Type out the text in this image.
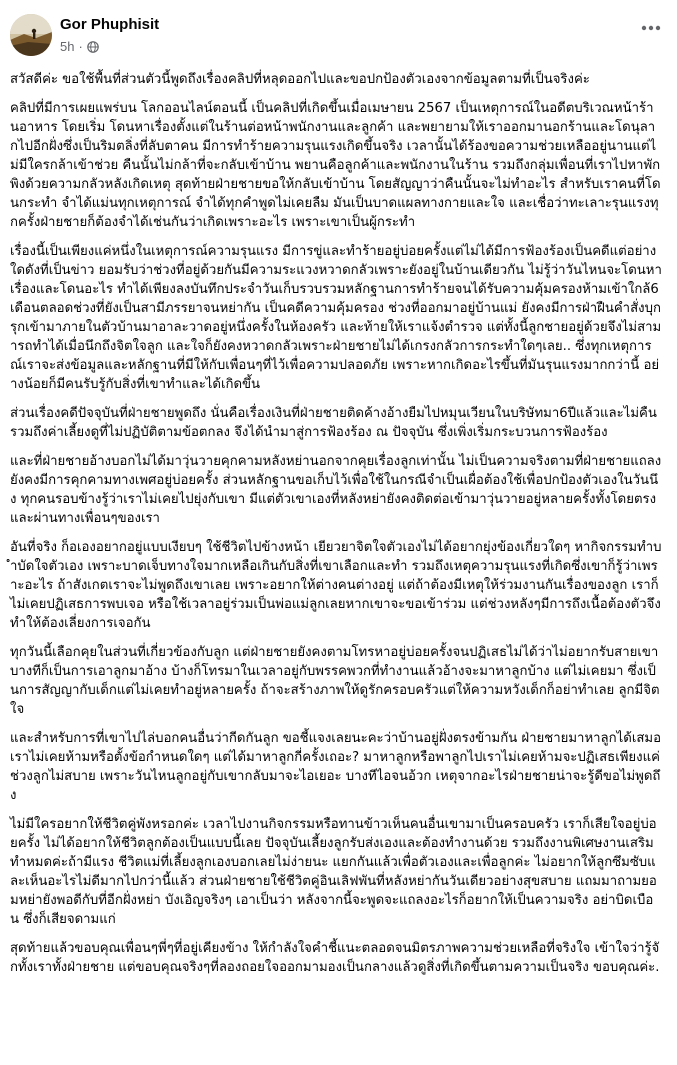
Gor Phuphisit
5h ·

สวัสดีค่ะ ขอใช้พื้นที่ส่วนตัวนี้พูดถึงเรื่องคลิปที่หลุดออกไปและขอปกป้องตัวเองจากข้อมูลตามที่เป็นจริงค่ะ

คลิปที่มีการเผยแพร่บน โลกออนไลน์ตอนนี้ เป็นคลิปที่เกิดขึ้นเมื่อเมษายน 2567 เป็นเหตุการณ์ในอดีตบริเวณหน้าร้านอาหาร โดยเริ่ม โดนหาเรื่องตั้งแต่ในร้านต่อหน้าพนักงานและลูกค้า และพยายามให้เราออกมานอกร้านและโดนุลากไปอีกฝั่งซึ่งเป็นริมตลิ่งที่ลับตาคน มีการทำร้ายความรุนแรงเกิดขึ้นจริง เวลานั้นได้ร้องขอความช่วยเหลืออยู่นานแต่ไม่มีใครกล้าเข้าช่วย คืนนั้นไม่กล้าที่จะกลับเข้าบ้าน พยานคือลูกค้าและพนักงานในร้าน รวมถึงกลุ่มเพื่อนที่เราไปหาพักพิงด้วยความกลัวหลังเกิดเหตุ สุดท้ายฝ่ายชายขอให้กลับเข้าบ้าน โดยสัญญาว่าคืนนั้นจะไม่ทำอะไร สำหรับเราคนที่โดนกระทำ จำได้แม่นทุกเหตุการณ์ จำได้ทุกคำพูดไม่เคยลืม มันเป็นบาดแผลทางกายและใจ และเชื่อว่าทะเลาะรุนแรงทุกครั้งฝ่ายชายก็ต้องจำได้เช่นกันว่าเกิดเพราะอะไร เพราะเขาเป็นผู้กระทำ

เรื่องนี้เป็นเพียงแค่หนึ่งในเหตุการณ์ความรุนแรง มีการขู่และทำร้ายอยู่บ่อยครั้งแต่ไม่ได้มีการฟ้องร้องเป็นคดีแต่อย่างใดดังที่เป็นข่าว ยอมรับว่าช่วงที่อยู่ด้วยกันมีความระแวงหวาดกลัวเพราะยังอยู่ในบ้านเดียวกัน ไม่รู้ว่าวันไหนจะโดนหาเรื่องและโดนอะไร ทำได้เพียงลงบันทึกประจำวันเก็บรวบรวมหลักฐานการทำร้ายจนได้รับความคุ้มครองห้ามเข้าใกล้6เดือนตลอดช่วงที่ยังเป็นสามีภรรยาจนหย่ากัน เป็นคดีความคุ้มครอง ช่วงที่ออกมาอยู่บ้านแม่ ยังคงมีการฝ่าฝืนคำสั่งบุกรุกเข้ามาภายในตัวบ้านมาอาละวาดอยู่หนึ่งครั้งในห้องครัว และท้ายให้เราแจ้งตำรวจ แต่ทั้งนี้ลูกชายอยู่ด้วยจึงไม่สามารถทำได้เมื่อนึกถึงจิตใจลูก และใจก็ยังคงหวาดกลัวเพราะฝ่ายชายไม่ได้เกรงกลัวการกระทำใดๆเลย.. ซึ่งทุกเหตุการณ์เราจะส่งข้อมูลและหลักฐานที่มีให้กับเพื่อนๆที่ไว้เพื่อความปลอดภัย เพราะหากเกิดอะไรขึ้นที่มันรุนแรงมากกว่านี้ อย่างน้อยก็มีคนรับรู้กับสิ่งที่เขาทำและได้เกิดขึ้น

ส่วนเรื่องคดีปัจจุบันที่ฝ่ายชายพูดถึง นั่นคือเรื่องเงินที่ฝ่ายชายติดค้างอ้างยืมไปหมุนเวียนในบริษัทมา6ปีแล้วและไม่คืน รวมถึงค่าเลี้ยงดูที่ไม่ปฏิบัติตามข้อตกลง จึงได้นำมาสู่การฟ้องร้อง ณ ปัจจุบัน ซึ่งเพิ่งเริ่มกระบวนการฟ้องร้อง

และที่ฝ่ายชายอ้างบอกไม่ได้มาวุ่นวายคุกคามหลังหย่านอกจากคุยเรื่องลูกเท่านั้น ไม่เป็นความจริงตามที่ฝ่ายชายแถลง ยังคงมีการคุกคามทางเพศอยู่บ่อยครั้ง ส่วนหลักฐานขอเก็บไว้เพื่อใช้ในกรณีจำเป็นเผื่อต้องใช้เพื่อปกป้องตัวเองในวันนึง ทุกคนรอบข้างรู้ว่าเราไม่เคยไปยุ่งกับเขา มีแต่ตัวเขาเองที่หลังหย่ายังคงติดต่อเข้ามาวุ่นวายอยู่หลายครั้งทั้งโดยตรงและผ่านทางเพื่อนๆของเรา

อันที่จริง ก็อเองอยากอยู่แบบเงียบๆ ใช้ชีวิตไปข้างหน้า เยียวยาจิตใจตัวเองไม่ได้อยากยุ่งข้องเกี่ยวใดๆ หากิจกรรมทำบำบัดใจตัวเอง เพราะบาดเจ็บทางใจมากเหลือเกินกับสิ่งที่เขาเลือกและทำ รวมถึงเหตุความรุนแรงที่เกิดซึ่งเขาก็รู้ว่าเพราะอะไร ถ้าสังเกตเราจะไม่พูดถึงเขาเลย เพราะอยากให้ต่างคนต่างอยู่ แต่ถ้าต้องมีเหตุให้ร่วมงานกันเรื่องของลูก เราก็ไม่เคยปฏิเสธการพบเจอ หรือใช้เวลาอยู่ร่วมเป็นพ่อแม่ลูกเลยหากเขาจะขอเข้าร่วม แต่ช่วงหลังๆมีการถึงเนื้อต้องตัวจึงทำให้ต้องเลี่ยงการเจอกัน

ทุกวันนี้เลือกคุยในส่วนที่เกี่ยวข้องกับลูก แต่ฝ่ายชายยังคงตามโทรหาอยู่บ่อยครั้งจนปฏิเสธไม่ได้ว่าไม่อยากรับสายเขา บางทีก็เป็นการเอาลูกมาอ้าง บ้างก็โทรมาในเวลาอยู่กับพรรคพวกที่ทำงานแล้วอ้างจะมาหาลูกบ้าง แต่ไม่เคยมา ซึ่งเป็นการสัญญากับเด็กแต่ไม่เคยทำอยู่หลายครั้ง ถ้าจะสร้างภาพให้ดูรักครอบครัวแต่ให้ความหวังเด็กก็อย่าทำเลย ลูกมีจิตใจ

และสำหรับการที่เขาไปไล่บอกคนอื่นว่ากีดกันลูก ขอชี้แจงเลยนะคะว่าบ้านอยู่ฝั่งตรงข้ามกัน ฝ่ายชายมาหาลูกได้เสมอ เราไม่เคยห้ามหรือตั้งข้อกำหนดใดๆ แต่ได้มาหาลูกกี่ครั้งเถอะ? มาหาลูกหรือพาลูกไปเราไม่เคยห้ามจะปฏิเสธเพียงแค่ช่วงลูกไม่สบาย เพราะวันไหนลูกอยู่กับเขากลับมาจะไอเยอะ บางทีไอจนอ้วก เหตุจากอะไรฝ่ายชายน่าจะรู้ดีขอไม่พูดถึง

ไม่มีใครอยากให้ชีวิตคู่พังหรอกค่ะ เวลาไปงานกิจกรรมหรือทานข้าวเห็นคนอื่นเขามาเป็นครอบครัว เราก็เสียใจอยู่บ่อยครั้ง ไม่ได้อยากให้ชีวิตลูกต้องเป็นแบบนี้เลย ปัจจุบันเลี้ยงลูกรับส่งเองและต้องทำงานด้วย รวมถึงงานพิเศษงานเสริม ทำหมดค่ะถ้ามีแรง ชีวิตแม่ที่เลี้ยงลูกเองบอกเลยไม่ง่ายนะ แยกกันแล้วเพื่อตัวเองและเพื่อลูกค่ะ ไม่อยากให้ลูกซึมซับและเห็นอะไรไม่ดีมากไปกว่านี้แล้ว ส่วนฝ่ายชายใช้ชีวิตคู่อินเลิฟพันที่หลังหย่ากันวันเดียวอย่างสุขสบาย แถมมาถามยอมหย่ายังพอดีกับที่อีกฝั่งหย่า บังเอิญจริงๆ เอาเป็นว่า หลังจากนี้จะพูดจะแถลงอะไรก็อยากให้เป็นความจริง อย่าบิดเบือน ซึ่งก็เสียจดามแก่

สุดท้ายแล้วขอบคุณเพื่อนๆพี่ๆที่อยู่เคียงข้าง ให้กำลังใจคำชี้แนะตลอดจนมิตรภาพความช่วยเหลือที่จริงใจ เข้าใจว่ารู้จักทั้งเราทั้งฝ่ายชาย แต่ขอบคุณจริงๆที่ลองถอยใจออกมามองเป็นกลางแล้วดูสิ่งที่เกิดขึ้นตามความเป็นจริง ขอบคุณค่ะ.
